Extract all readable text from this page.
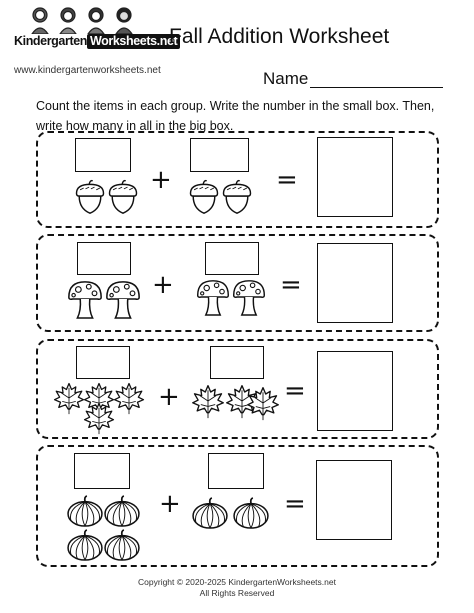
Kindergarten Worksheets.net
www.kindergartenworksheets.net
Fall Addition Worksheet
Name
Count the items in each group. Write the number in the small box. Then, write how many in all in the big box.
+	=
+	=
+	=
+	=
Copyright © 2020-2025 KindergartenWorksheets.net
All Rights Reserved
